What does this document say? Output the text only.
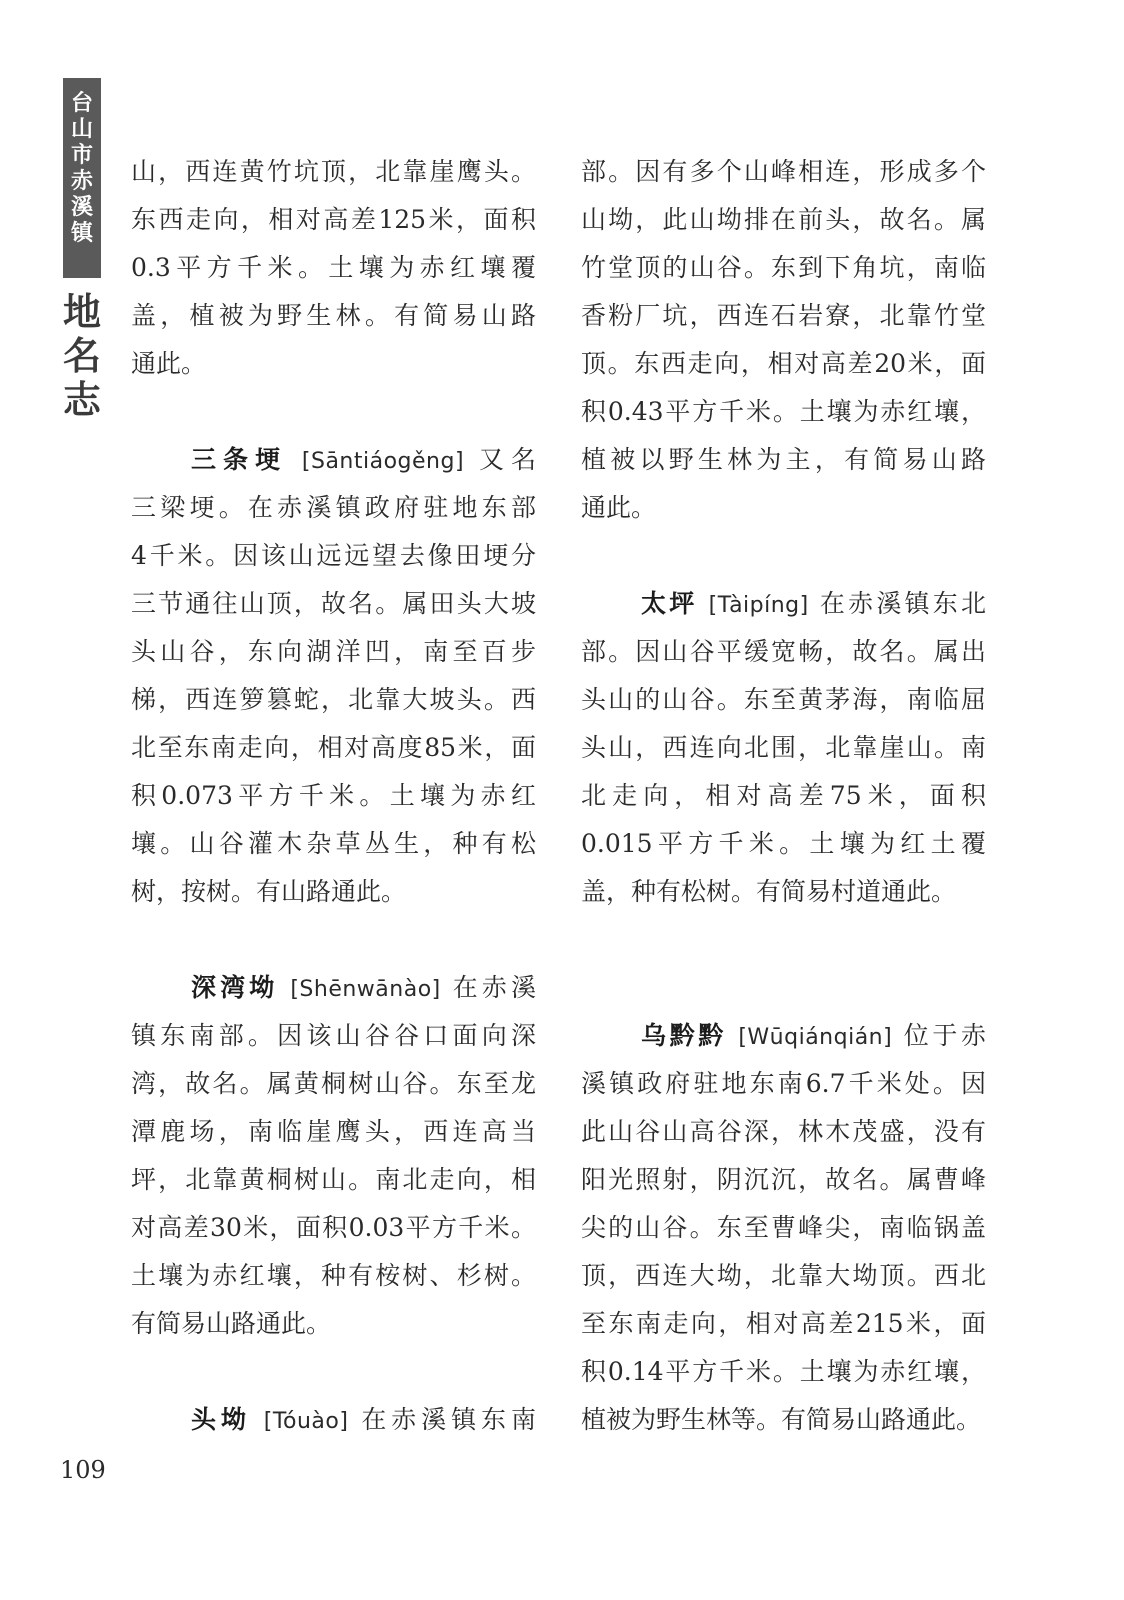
台
山
市
赤
溪
镇
地
名
志
山，西连黄竹坑顶，北靠崖鹰头。
东西走向，相对高差125米，面积
0.3平方千米。土壤为赤红壤覆
盖，植被为野生林。有简易山路
通此。
三条埂 [Sāntiáogěng] 又名
三梁埂。在赤溪镇政府驻地东部
4千米。因该山远远望去像田埂分
三节通往山顶，故名。属田头大坡
头山谷，东向湖洋凹，南至百步
梯，西连箩篡蛇，北靠大坡头。西
北至东南走向，相对高度85米，面
积0.073平方千米。土壤为赤红
壤。山谷灌木杂草丛生，种有松
树，按树。有山路通此。
深湾坳 [Shēnwānào] 在赤溪
镇东南部。因该山谷谷口面向深
湾，故名。属黄桐树山谷。东至龙
潭鹿场，南临崖鹰头，西连高当
坪，北靠黄桐树山。南北走向，相
对高差30米，面积0.03平方千米。
土壤为赤红壤，种有桉树、杉树。
有简易山路通此。
头坳 [Tóuào] 在赤溪镇东南
部。因有多个山峰相连，形成多个
山坳，此山坳排在前头，故名。属
竹堂顶的山谷。东到下角坑，南临
香粉厂坑，西连石岩寮，北靠竹堂
顶。东西走向，相对高差20米，面
积0.43平方千米。土壤为赤红壤，
植被以野生林为主，有简易山路
通此。
太坪 [Tàipíng] 在赤溪镇东北
部。因山谷平缓宽畅，故名。属出
头山的山谷。东至黄茅海，南临屈
头山，西连向北围，北靠崖山。南
北走向，相对高差75米，面积
0.015平方千米。土壤为红土覆
盖，种有松树。有简易村道通此。
乌黔黔 [Wūqiánqián] 位于赤
溪镇政府驻地东南6.7千米处。因
此山谷山高谷深，林木茂盛，没有
阳光照射，阴沉沉，故名。属曹峰
尖的山谷。东至曹峰尖，南临锅盖
顶，西连大坳，北靠大坳顶。西北
至东南走向，相对高差215米，面
积0.14平方千米。土壤为赤红壤，
植被为野生林等。有简易山路通此。
109
